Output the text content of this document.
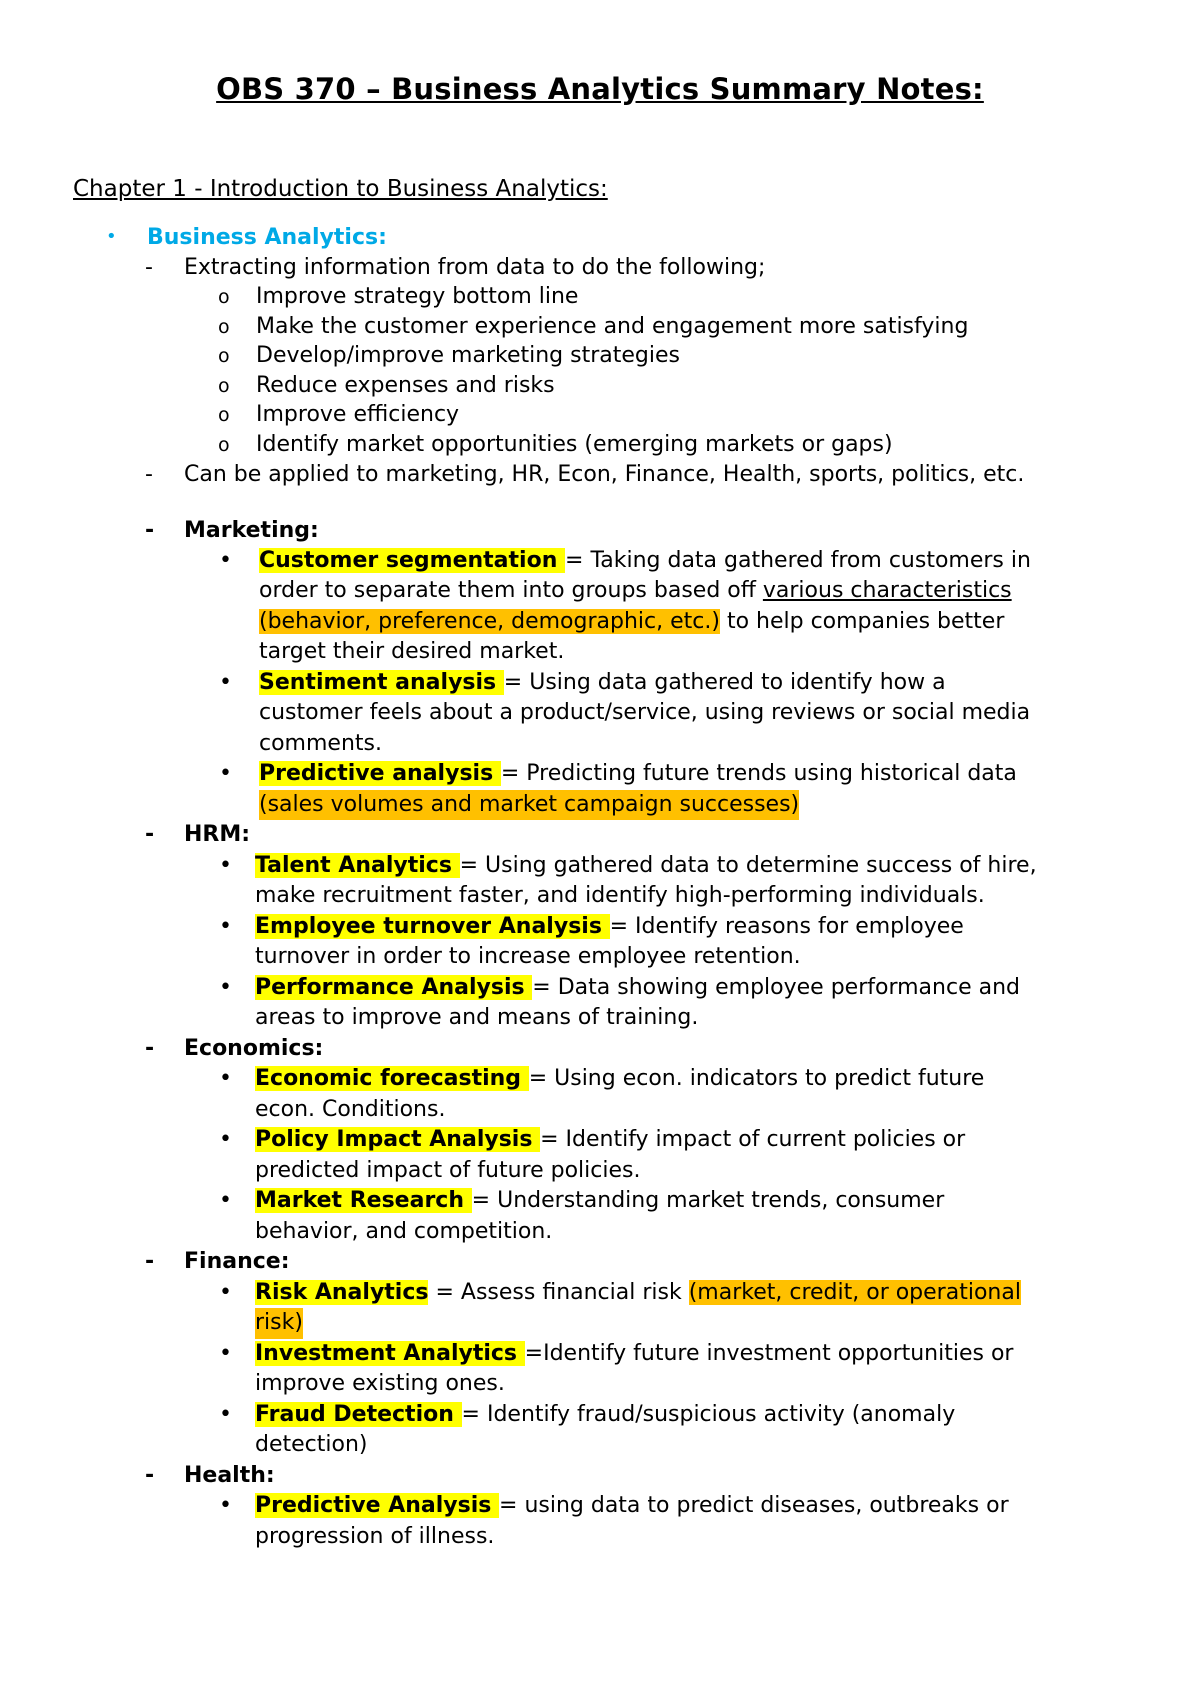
OBS 370 – Business Analytics Summary Notes:
Chapter 1 - Introduction to Business Analytics:
• Business Analytics:
- Extracting information from data to do the following;
o Improve strategy bottom line
o Make the customer experience and engagement more satisfying
o Develop/improve marketing strategies
o Reduce expenses and risks
o Improve efficiency
o Identify market opportunities (emerging markets or gaps)
- Can be applied to marketing, HR, Econ, Finance, Health, sports, politics, etc.
- Marketing:
• Customer segmentation = Taking data gathered from customers in
order to separate them into groups based off various characteristics
(behavior, preference, demographic, etc.) to help companies better
target their desired market.
• Sentiment analysis = Using data gathered to identify how a
customer feels about a product/service, using reviews or social media
comments.
• Predictive analysis = Predicting future trends using historical data
(sales volumes and market campaign successes)
- HRM:
• Talent Analytics = Using gathered data to determine success of hire,
make recruitment faster, and identify high-performing individuals.
• Employee turnover Analysis = Identify reasons for employee
turnover in order to increase employee retention.
• Performance Analysis = Data showing employee performance and
areas to improve and means of training.
- Economics:
• Economic forecasting = Using econ. indicators to predict future
econ. Conditions.
• Policy Impact Analysis = Identify impact of current policies or
predicted impact of future policies.
• Market Research = Understanding market trends, consumer
behavior, and competition.
- Finance:
• Risk Analytics = Assess financial risk (market, credit, or operational
risk)
• Investment Analytics =Identify future investment opportunities or
improve existing ones.
• Fraud Detection = Identify fraud/suspicious activity (anomaly
detection)
- Health:
• Predictive Analysis = using data to predict diseases, outbreaks or
progression of illness.
